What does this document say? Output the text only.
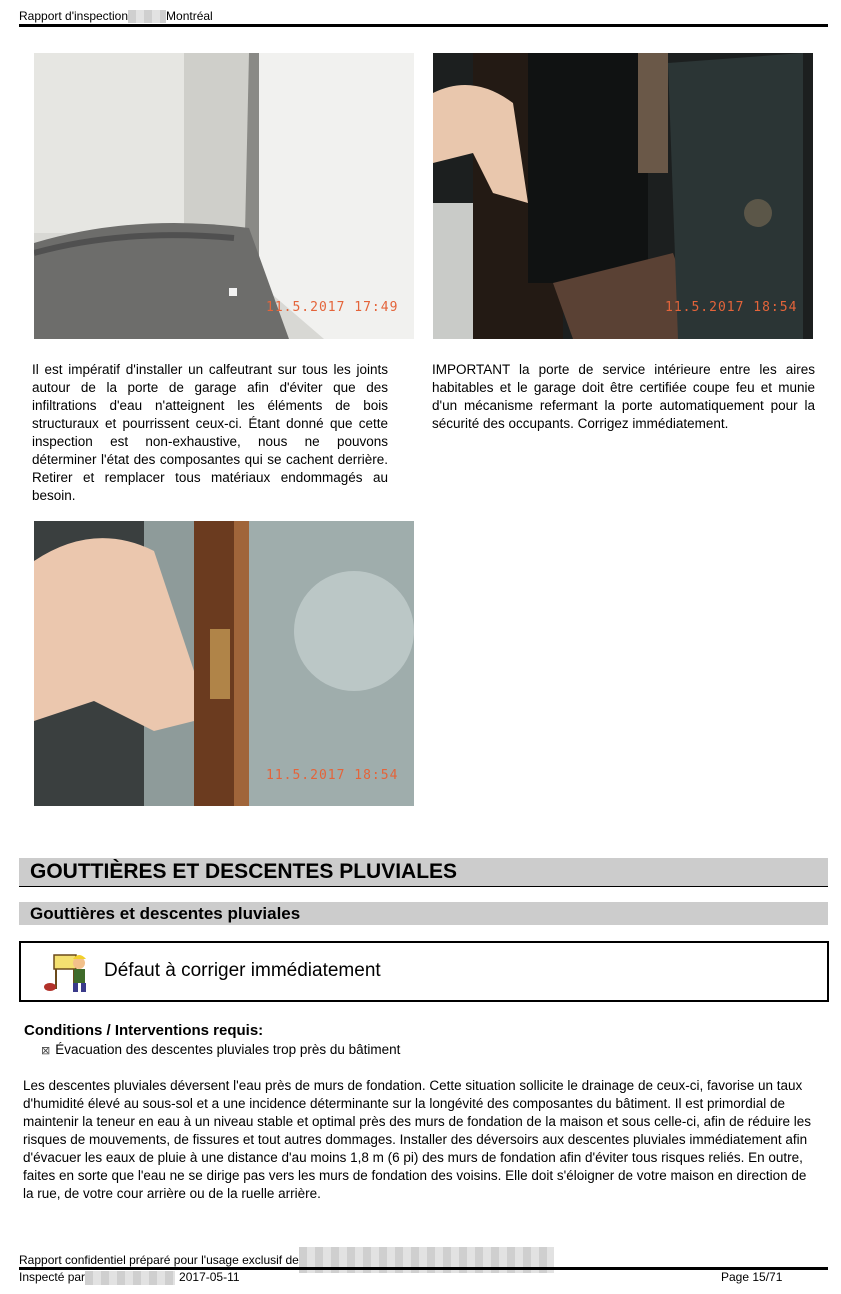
Rapport d'inspection	Montréal
11.5.2017 17:49	11.5.2017 18:54
Il est impératif d'installer un calfeutrant sur tous les joints autour de la porte de garage afin d'éviter que des infiltrations d'eau n'atteignent les éléments de bois structuraux et pourrissent ceux-ci. Étant donné que cette inspection est non-exhaustive, nous ne pouvons déterminer l'état des composantes qui se cachent derrière. Retirer et remplacer tous matériaux endommagés au besoin.
IMPORTANT la porte de service intérieure entre les aires habitables et le garage doit être certifiée coupe feu et munie d'un mécanisme refermant la porte automatiquement pour la sécurité des occupants. Corrigez immédiatement.
11.5.2017 18:54
GOUTTIÈRES ET DESCENTES PLUVIALES
Gouttières et descentes pluviales
Défaut à corriger immédiatement
Conditions / Interventions requis:
⊠ Évacuation des descentes pluviales trop près du bâtiment
Les descentes pluviales déversent l'eau près de murs de fondation. Cette situation sollicite le drainage de ceux-ci, favorise un taux d'humidité élevé au sous-sol et a une incidence déterminante sur la longévité des composantes du bâtiment. Il est primordial de maintenir la teneur en eau à un niveau stable et optimal près des murs de fondation de la maison et sous celle-ci, afin de réduire les risques de mouvements, de fissures et tout autres dommages. Installer des déversoirs aux descentes pluviales immédiatement afin d'évacuer les eaux de pluie à une distance d'au moins 1,8 m (6 pi) des murs de fondation afin d'éviter tous risques reliés. En outre, faites en sorte que l'eau ne se dirige pas vers les murs de fondation des voisins. Elle doit s'éloigner de votre maison en direction de la rue, de votre cour arrière ou de la ruelle arrière.
Rapport confidentiel préparé pour l'usage exclusif de
Inspecté par	2017-05-11	Page 15/71
